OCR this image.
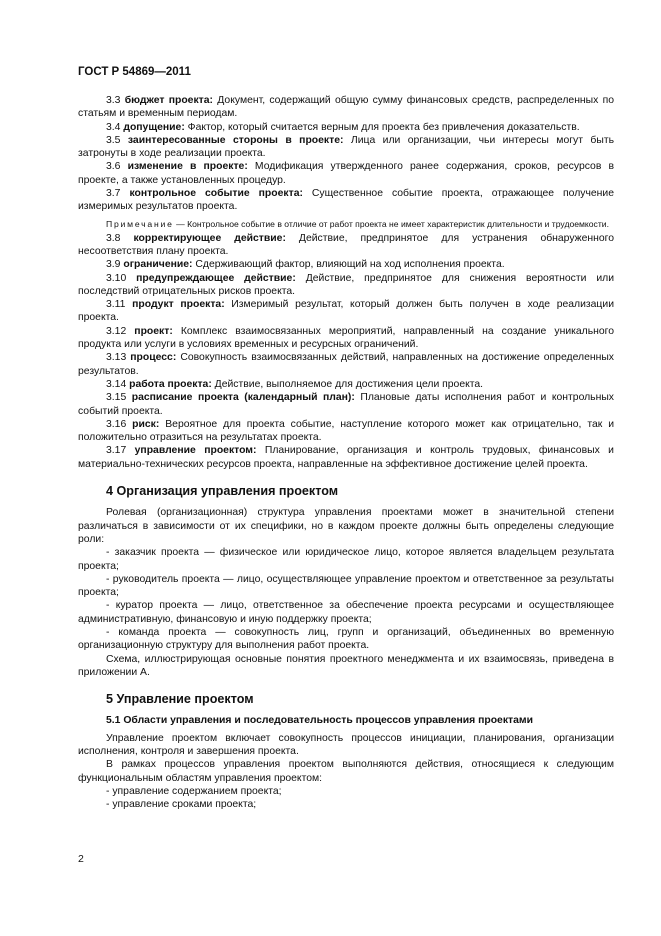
ГОСТ Р 54869—2011

3.3 бюджет проекта: Документ, содержащий общую сумму финансовых средств, распределенных по статьям и временным периодам.

3.4 допущение: Фактор, который считается верным для проекта без привлечения доказательств.

3.5 заинтересованные стороны в проекте: Лица или организации, чьи интересы могут быть затронуты в ходе реализации проекта.

3.6 изменение в проекте: Модификация утвержденного ранее содержания, сроков, ресурсов в проекте, а также установленных процедур.

3.7 контрольное событие проекта: Существенное событие проекта, отражающее получение измеримых результатов проекта.

Примечание — Контрольное событие в отличие от работ проекта не имеет характеристик длительности и трудоемкости.

3.8 корректирующее действие: Действие, предпринятое для устранения обнаруженного несоответствия плану проекта.

3.9 ограничение: Сдерживающий фактор, влияющий на ход исполнения проекта.

3.10 предупреждающее действие: Действие, предпринятое для снижения вероятности или последствий отрицательных рисков проекта.

3.11 продукт проекта: Измеримый результат, который должен быть получен в ходе реализации проекта.

3.12 проект: Комплекс взаимосвязанных мероприятий, направленный на создание уникального продукта или услуги в условиях временных и ресурсных ограничений.

3.13 процесс: Совокупность взаимосвязанных действий, направленных на достижение определенных результатов.

3.14 работа проекта: Действие, выполняемое для достижения цели проекта.

3.15 расписание проекта (календарный план): Плановые даты исполнения работ и контрольных событий проекта.

3.16 риск: Вероятное для проекта событие, наступление которого может как отрицательно, так и положительно отразиться на результатах проекта.

3.17 управление проектом: Планирование, организация и контроль трудовых, финансовых и материально-технических ресурсов проекта, направленные на эффективное достижение целей проекта.

4 Организация управления проектом

Ролевая (организационная) структура управления проектами может в значительной степени различаться в зависимости от их специфики, но в каждом проекте должны быть определены следующие роли:

- заказчик проекта — физическое или юридическое лицо, которое является владельцем результата проекта;

- руководитель проекта — лицо, осуществляющее управление проектом и ответственное за результаты проекта;

- куратор проекта — лицо, ответственное за обеспечение проекта ресурсами и осуществляющее административную, финансовую и иную поддержку проекта;

- команда проекта — совокупность лиц, групп и организаций, объединенных во временную организационную структуру для выполнения работ проекта.

Схема, иллюстрирующая основные понятия проектного менеджмента и их взаимосвязь, приведена в приложении А.

5 Управление проектом

5.1 Области управления и последовательность процессов управления проектами

Управление проектом включает совокупность процессов инициации, планирования, организации исполнения, контроля и завершения проекта.

В рамках процессов управления проектом выполняются действия, относящиеся к следующим функциональным областям управления проектом:

- управление содержанием проекта;

- управление сроками проекта;

2
